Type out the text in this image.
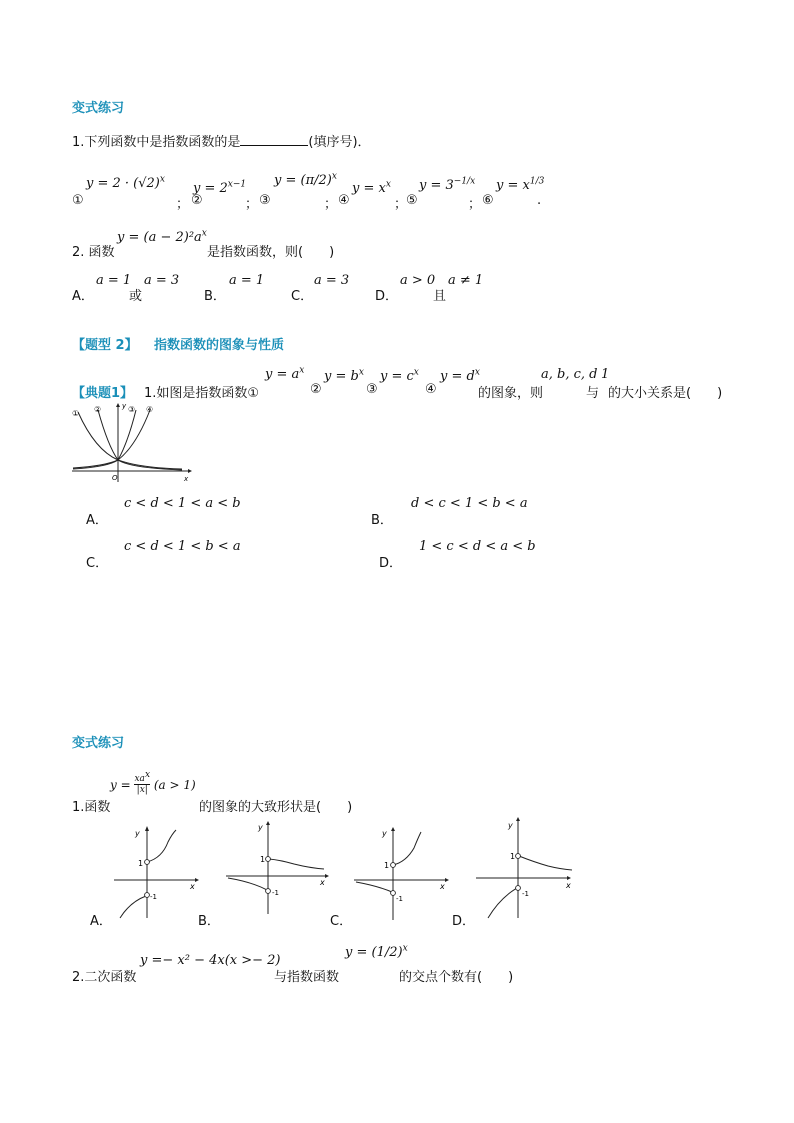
变式练习
1.下列函数中是指数函数的是	(填序号)．
①
$y = 2 \cdot (√2)^x$
； ②
$y = 2^{x-1}$
； ③
$y = (\pi/2)^x$
； ④
$y = x^x$
；
⑤
$y = 3^{-1/x}$
； ⑥
$y = x^{1/3}$
.
2. 函数
$y = (a - 2)^2a^x$
是指数函数，则(　　)
A．
a = 1
或
a = 3
B．
a = 1
C．
a = 3
D．
a > 0
且
a ≠ 1
【题型 2】 指数函数的图象与性质
【典题1】 1.如图是指数函数①
$y = a^x$
②
$y = b^x$
③
$y = c^x$
④
$y = d^x$
的图象，则
a, b, c, d
与
1
的大小关系是(　　)
① ②	③ ④
O
y
x
A．
c < d < 1 < a < b
B．
d < c < 1 < b < a
C．
c < d < 1 < b < a
D．
1 < c < d < a < b
变式练习
1.函数
$y = xa^x$
|x| (a > 1)
的图象的大致形状是(　　)
y
x
1
-1
A．
y
x
1
-1
B．
y
x
1
-1
C．
y
x
1
-1
D．
2.二次函数
y =− x² − 4x(x >− 2)
与指数函数
$y = (1/2)^x$
的交点个数有(　　)
